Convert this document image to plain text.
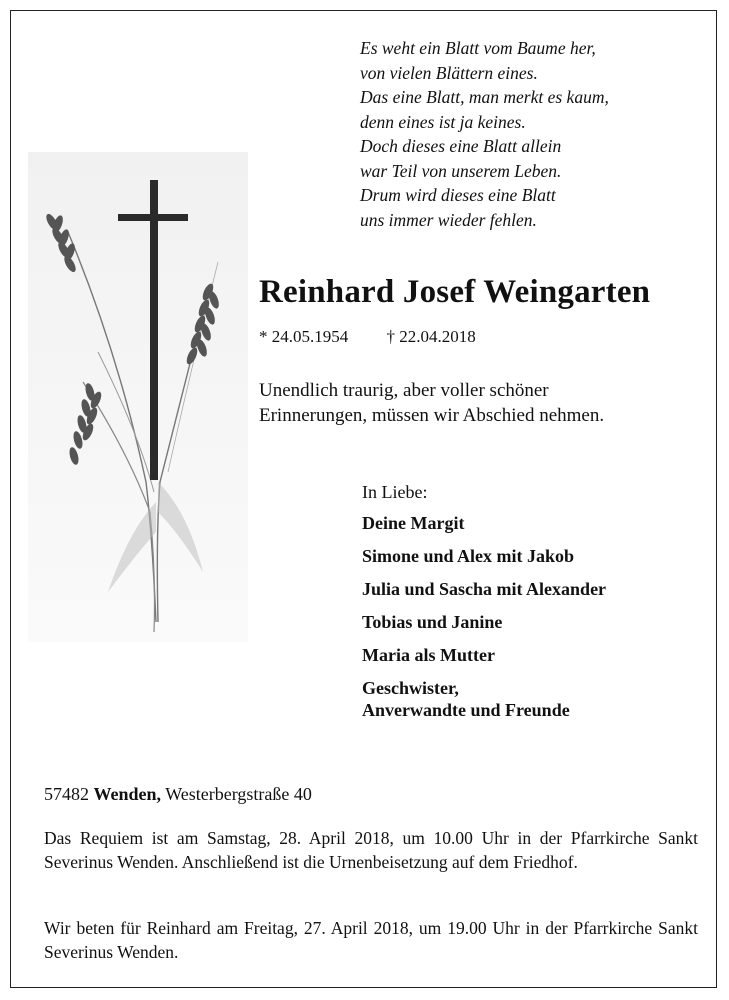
Es weht ein Blatt vom Baume her,
von vielen Blättern eines.
Das eine Blatt, man merkt es kaum,
denn eines ist ja keines.
Doch dieses eine Blatt allein
war Teil von unserem Leben.
Drum wird dieses eine Blatt
uns immer wieder fehlen.
Reinhard Josef Weingarten
* 24.05.1954 † 22.04.2018
Unendlich traurig, aber voller schöner
Erinnerungen, müssen wir Abschied nehmen.
In Liebe:
Deine Margit
Simone und Alex mit Jakob
Julia und Sascha mit Alexander
Tobias und Janine
Maria als Mutter
Geschwister,
Anverwandte und Freunde
57482 Wenden, Westerbergstraße 40
Das Requiem ist am Samstag, 28. April 2018, um 10.00 Uhr in der Pfarrkirche Sankt Severinus Wenden. Anschließend ist die Urnenbeisetzung auf dem Friedhof.
Wir beten für Reinhard am Freitag, 27. April 2018, um 19.00 Uhr in der Pfarrkirche Sankt Severinus Wenden.
